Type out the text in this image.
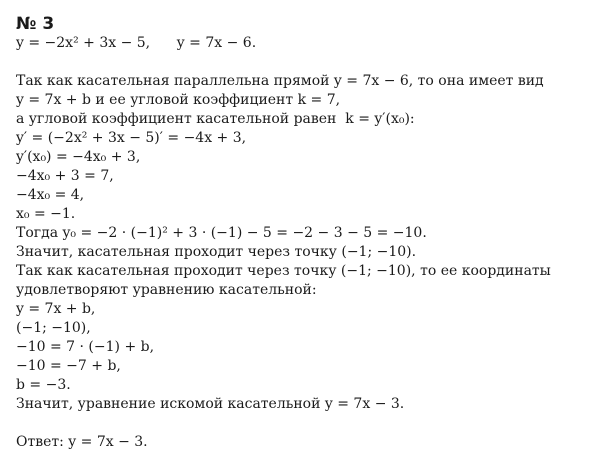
№ 3
y = −2x² + 3x − 5,      y = 7x − 6.
Так как касательная параллельна прямой y = 7x − 6, то она имеет вид
y = 7x + b и ее угловой коэффициент k = 7,
а угловой коэффициент касательной равен  k = y′(x₀):
y′ = (−2x² + 3x − 5)′ = −4x + 3,
y′(x₀) = −4x₀ + 3,
−4x₀ + 3 = 7,
−4x₀ = 4,
x₀ = −1.
Тогда y₀ = −2 · (−1)² + 3 · (−1) − 5 = −2 − 3 − 5 = −10.
Значит, касательная проходит через точку (−1; −10).
Так как касательная проходит через точку (−1; −10), то ее координаты
удовлетворяют уравнению касательной:
y = 7x + b,
(−1; −10),
−10 = 7 · (−1) + b,
−10 = −7 + b,
b = −3.
Значит, уравнение искомой касательной y = 7x − 3.
Ответ: y = 7x − 3.
